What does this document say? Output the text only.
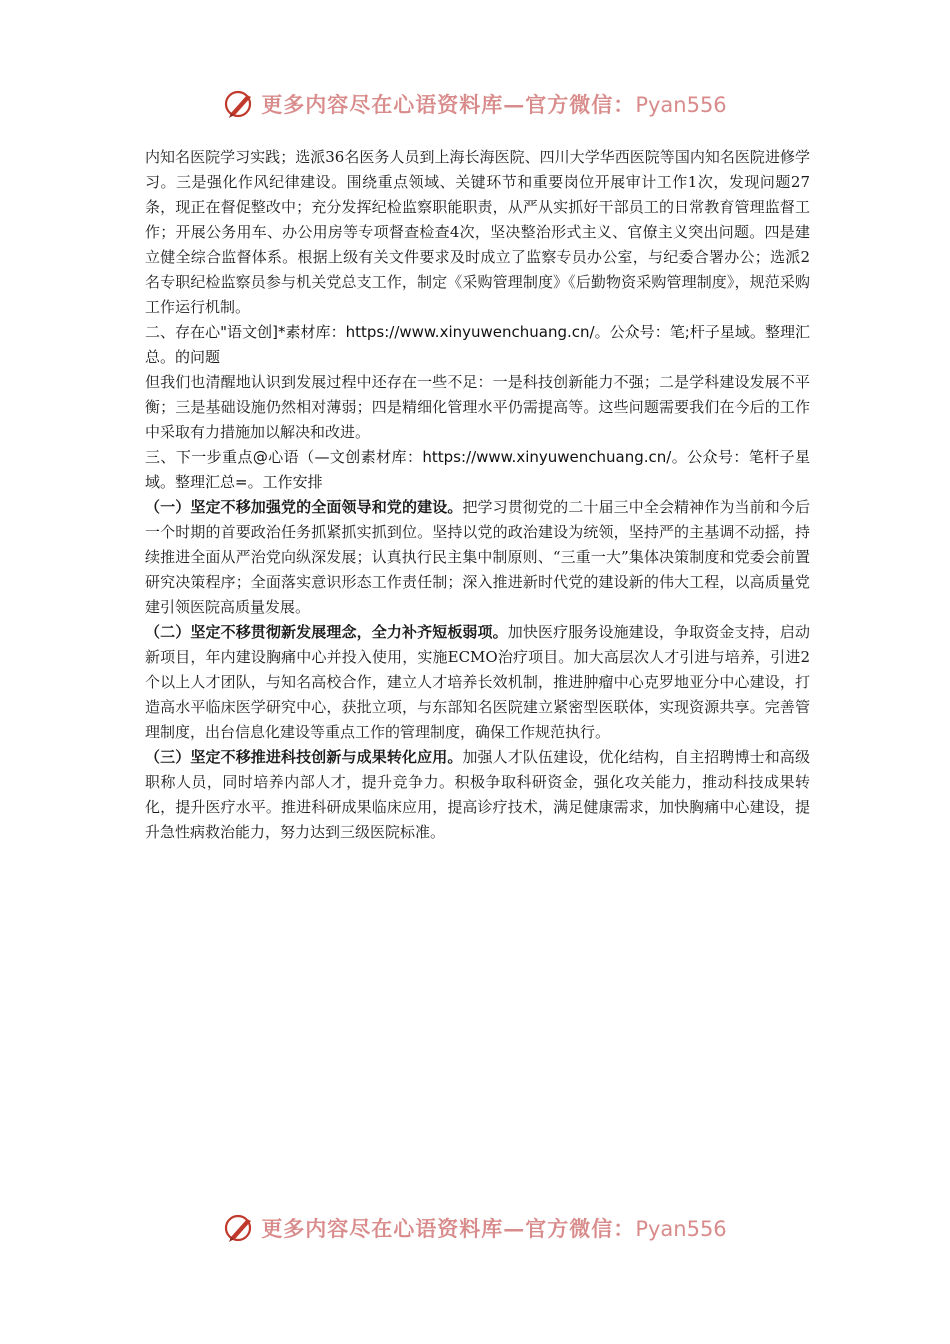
更多内容尽在心语资料库—官方微信：Pyan556

内知名医院学习实践；选派36名医务人员到上海长海医院、四川大学华西医院等国内知名医院进修学习。三是强化作风纪律建设。围绕重点领域、关键环节和重要岗位开展审计工作1次，发现问题27条，现正在督促整改中；充分发挥纪检监察职能职责，从严从实抓好干部员工的日常教育管理监督工作；开展公务用车、办公用房等专项督查检查4次，坚决整治形式主义、官僚主义突出问题。四是建立健全综合监督体系。根据上级有关文件要求及时成立了监察专员办公室，与纪委合署办公；选派2名专职纪检监察员参与机关党总支工作，制定《采购管理制度》《后勤物资采购管理制度》，规范采购工作运行机制。

二、存在心"语文创]*素材库：https://www.xinyuwenchuang.cn/。公众号：笔;杆子星域。整理汇总。的问题

但我们也清醒地认识到发展过程中还存在一些不足：一是科技创新能力不强；二是学科建设发展不平衡；三是基础设施仍然相对薄弱；四是精细化管理水平仍需提高等。这些问题需要我们在今后的工作中采取有力措施加以解决和改进。

三、下一步重点@心语（—文创素材库：https://www.xinyuwenchuang.cn/。公众号：笔杆子星域。整理汇总=。工作安排

（一）坚定不移加强党的全面领导和党的建设。把学习贯彻党的二十届三中全会精神作为当前和今后一个时期的首要政治任务抓紧抓实抓到位。坚持以党的政治建设为统领，坚持严的主基调不动摇，持续推进全面从严治党向纵深发展；认真执行民主集中制原则、“三重一大”集体决策制度和党委会前置研究决策程序；全面落实意识形态工作责任制；深入推进新时代党的建设新的伟大工程，以高质量党建引领医院高质量发展。

（二）坚定不移贯彻新发展理念，全力补齐短板弱项。加快医疗服务设施建设，争取资金支持，启动新项目，年内建设胸痛中心并投入使用，实施ECMO治疗项目。加大高层次人才引进与培养，引进2个以上人才团队，与知名高校合作，建立人才培养长效机制，推进肿瘤中心克罗地亚分中心建设，打造高水平临床医学研究中心，获批立项，与东部知名医院建立紧密型医联体，实现资源共享。完善管理制度，出台信息化建设等重点工作的管理制度，确保工作规范执行。

（三）坚定不移推进科技创新与成果转化应用。加强人才队伍建设，优化结构，自主招聘博士和高级职称人员，同时培养内部人才，提升竞争力。积极争取科研资金，强化攻关能力，推动科技成果转化，提升医疗水平。推进科研成果临床应用，提高诊疗技术，满足健康需求，加快胸痛中心建设，提升急性病救治能力，努力达到三级医院标准。

更多内容尽在心语资料库—官方微信：Pyan556
